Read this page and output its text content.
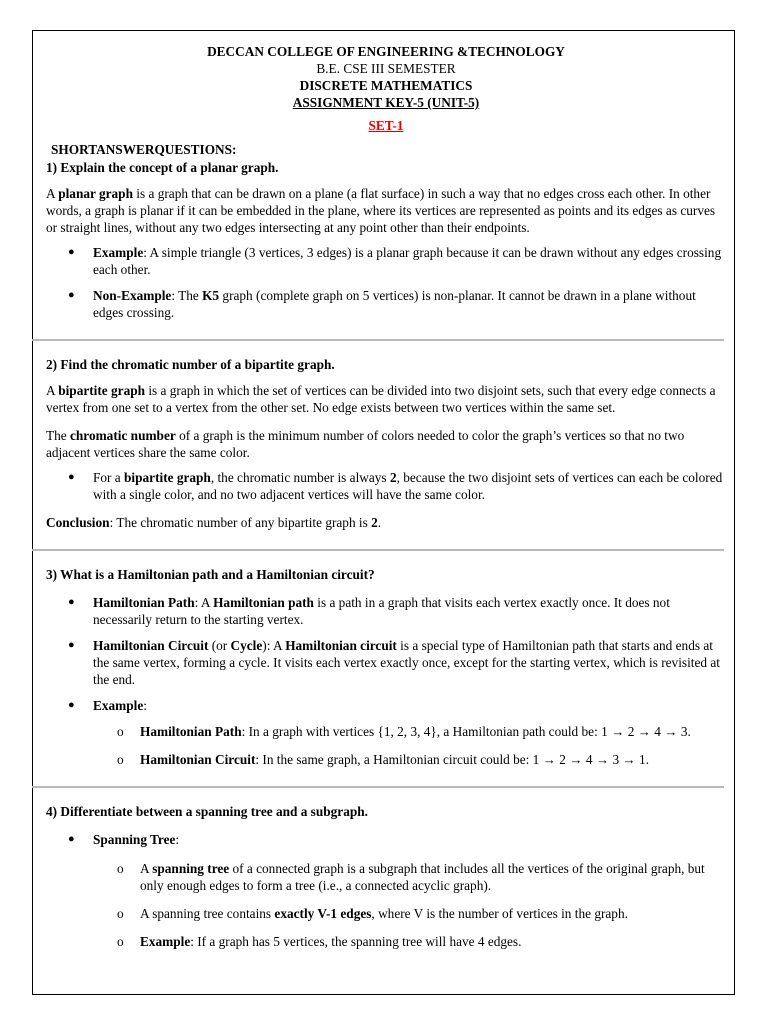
DECCAN COLLEGE OF ENGINEERING &TECHNOLOGY
B.E. CSE III SEMESTER
DISCRETE MATHEMATICS
ASSIGNMENT KEY-5 (UNIT-5)
SET-1
SHORTANSWERQUESTIONS:
1) Explain the concept of a planar graph.

A planar graph is a graph that can be drawn on a plane (a flat surface) in such a way that no edges cross each other. In other words, a graph is planar if it can be embedded in the plane, where its vertices are represented as points and its edges as curves or straight lines, without any two edges intersecting at any point other than their endpoints.

● Example: A simple triangle (3 vertices, 3 edges) is a planar graph because it can be drawn without any edges crossing each other.
● Non-Example: The K5 graph (complete graph on 5 vertices) is non-planar. It cannot be drawn in a plane without edges crossing.
2) Find the chromatic number of a bipartite graph.

A bipartite graph is a graph in which the set of vertices can be divided into two disjoint sets, such that every edge connects a vertex from one set to a vertex from the other set. No edge exists between two vertices within the same set.

The chromatic number of a graph is the minimum number of colors needed to color the graph’s vertices so that no two adjacent vertices share the same color.

● For a bipartite graph, the chromatic number is always 2, because the two disjoint sets of vertices can each be colored with a single color, and no two adjacent vertices will have the same color.

Conclusion: The chromatic number of any bipartite graph is 2.

3) What is a Hamiltonian path and a Hamiltonian circuit?
● Hamiltonian Path: A Hamiltonian path is a path in a graph that visits each vertex exactly once. It does not necessarily return to the starting vertex.
● Hamiltonian Circuit (or Cycle): A Hamiltonian circuit is a special type of Hamiltonian path that starts and ends at the same vertex, forming a cycle. It visits each vertex exactly once, except for the starting vertex, which is revisited at the end.
● Example:
o Hamiltonian Path: In a graph with vertices {1, 2, 3, 4}, a Hamiltonian path could be: 1 → 2 → 4 → 3.
o Hamiltonian Circuit: In the same graph, a Hamiltonian circuit could be: 1 → 2 → 4 → 3 → 1.
4) Differentiate between a spanning tree and a subgraph.
● Spanning Tree:
o A spanning tree of a connected graph is a subgraph that includes all the vertices of the original graph, but only enough edges to form a tree (i.e., a connected acyclic graph).
o A spanning tree contains exactly V-1 edges, where V is the number of vertices in the graph.
o Example: If a graph has 5 vertices, the spanning tree will have 4 edges.
